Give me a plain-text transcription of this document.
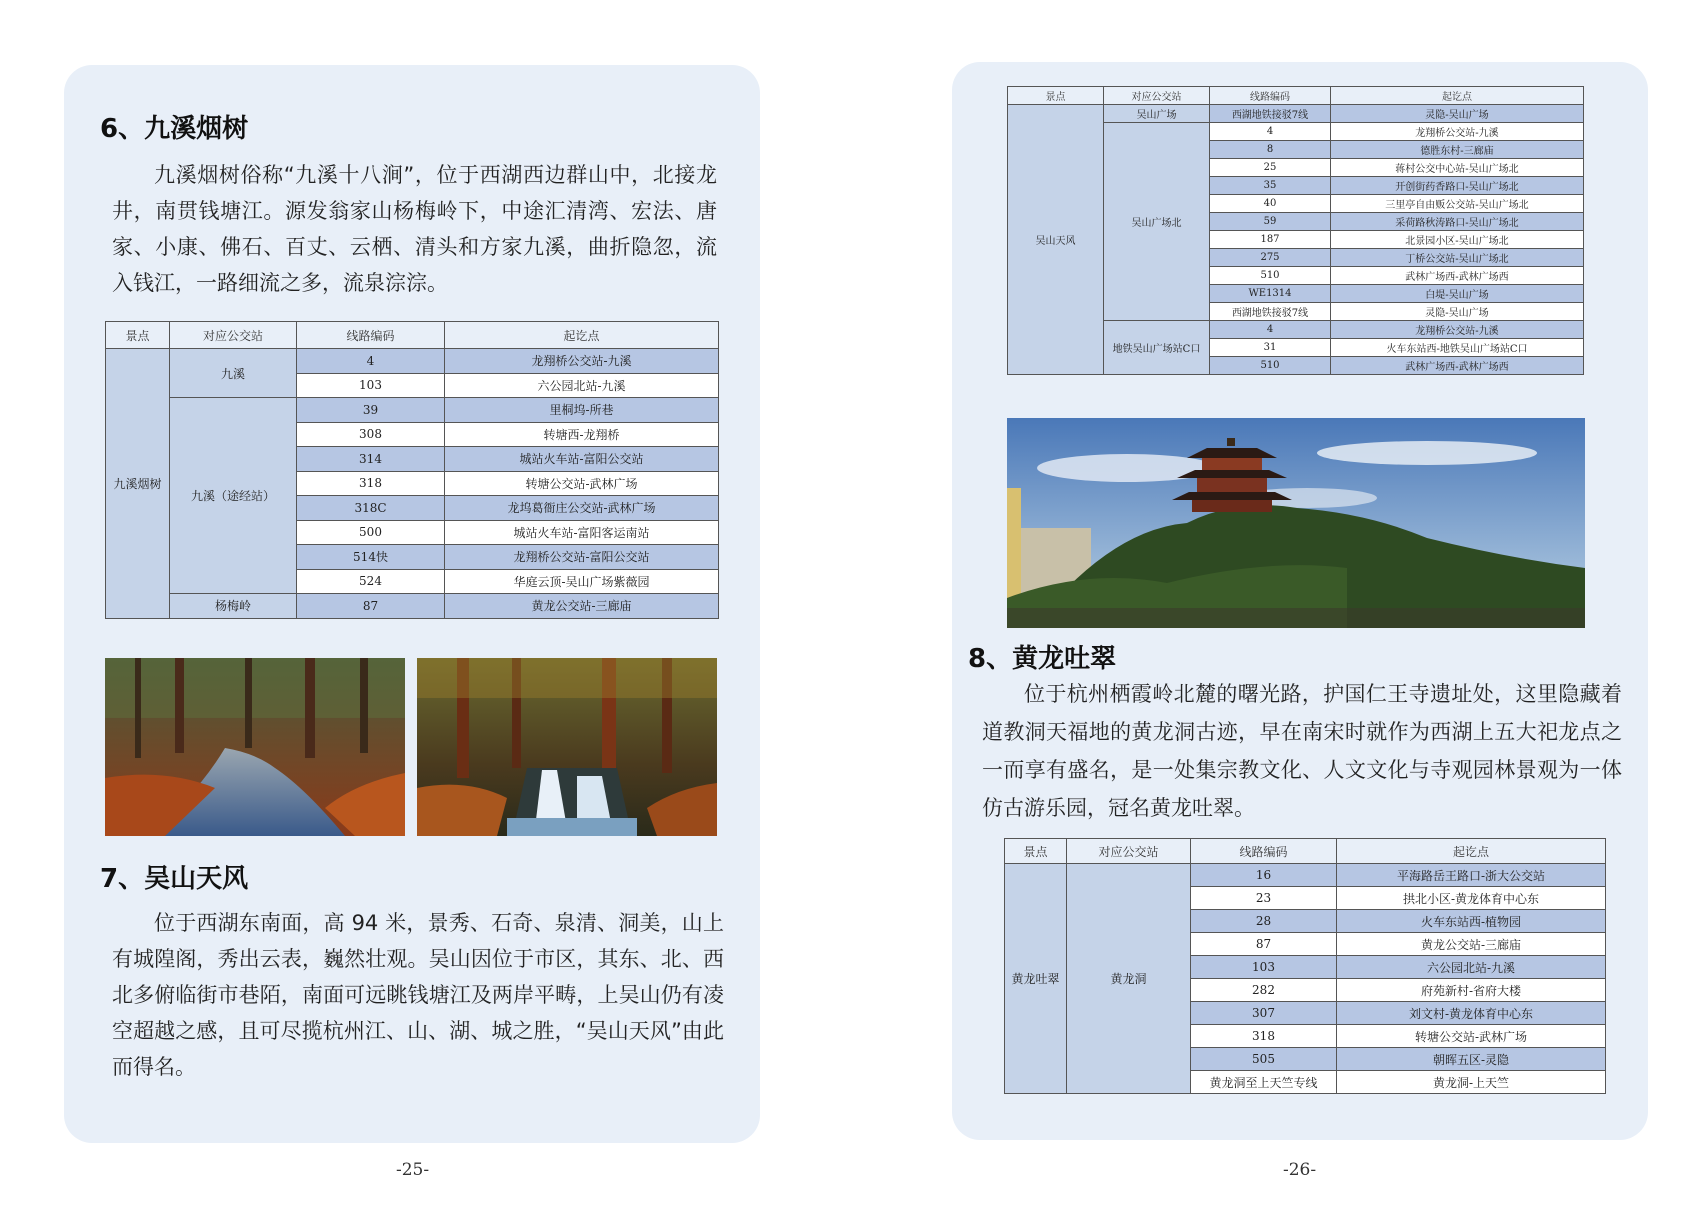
6、九溪烟树

九溪烟树俗称“九溪十八涧”，位于西湖西边群山中，北接龙井，南贯钱塘江。源发翁家山杨梅岭下，中途汇清湾、宏法、唐家、小康、佛石、百丈、云栖、清头和方家九溪，曲折隐忽，流入钱江，一路细流之多，流泉淙淙。

景点	对应公交站	线路编码	起讫点
九溪烟树	九溪	4	龙翔桥公交站-九溪
		103	六公园北站-九溪
	九溪（途经站）	39	里桐坞-所巷
		308	转塘西-龙翔桥
		314	城站火车站-富阳公交站
		318	转塘公交站-武林广场
		318C	龙坞葛衙庄公交站-武林广场
		500	城站火车站-富阳客运南站
		514快	龙翔桥公交站-富阳公交站
		524	华庭云顶-吴山广场紫薇园
	杨梅岭	87	黄龙公交站-三廊庙
7、吴山天风

位于西湖东南面，高 94 米，景秀、石奇、泉清、洞美，山上有城隍阁，秀出云表，巍然壮观。吴山因位于市区，其东、北、西北多俯临街市巷陌，南面可远眺钱塘江及两岸平畴，上吴山仍有凌空超越之感，且可尽揽杭州江、山、湖、城之胜，“吴山天风”由此而得名。

-25-
景点	对应公交站	线路编码	起讫点
吴山天风	吴山广场	西湖地铁接驳7线	灵隐-吴山广场
	吴山广场北	4	龙翔桥公交站-九溪
		8	德胜东村-三廊庙
		25	蒋村公交中心站-吴山广场北
		35	开创街药香路口-吴山广场北
		40	三里亭自由贩公交站-吴山广场北
		59	采荷路秋涛路口-吴山广场北
		187	北景园小区-吴山广场北
		275	丁桥公交站-吴山广场北
		510	武林广场西-武林广场西
		WE1314	白堤-吴山广场
		西湖地铁接驳7线	灵隐-吴山广场
	地铁吴山广场站C口	4	龙翔桥公交站-九溪
		31	火车东站西-地铁吴山广场站C口
		510	武林广场西-武林广场西
8、黄龙吐翠

位于杭州栖霞岭北麓的曙光路，护国仁王寺遗址处，这里隐藏着道教洞天福地的黄龙洞古迹，早在南宋时就作为西湖上五大祀龙点之一而享有盛名，是一处集宗教文化、人文文化与寺观园林景观为一体仿古游乐园，冠名黄龙吐翠。

景点	对应公交站	线路编码	起讫点
黄龙吐翠	黄龙洞	16	平海路岳王路口-浙大公交站
		23	拱北小区-黄龙体育中心东
		28	火车东站西-植物园
		87	黄龙公交站-三廊庙
		103	六公园北站-九溪
		282	府苑新村-省府大楼
		307	刘文村-黄龙体育中心东
		318	转塘公交站-武林广场
		505	朝晖五区-灵隐
		黄龙洞至上天竺专线	黄龙洞-上天竺
-26-
